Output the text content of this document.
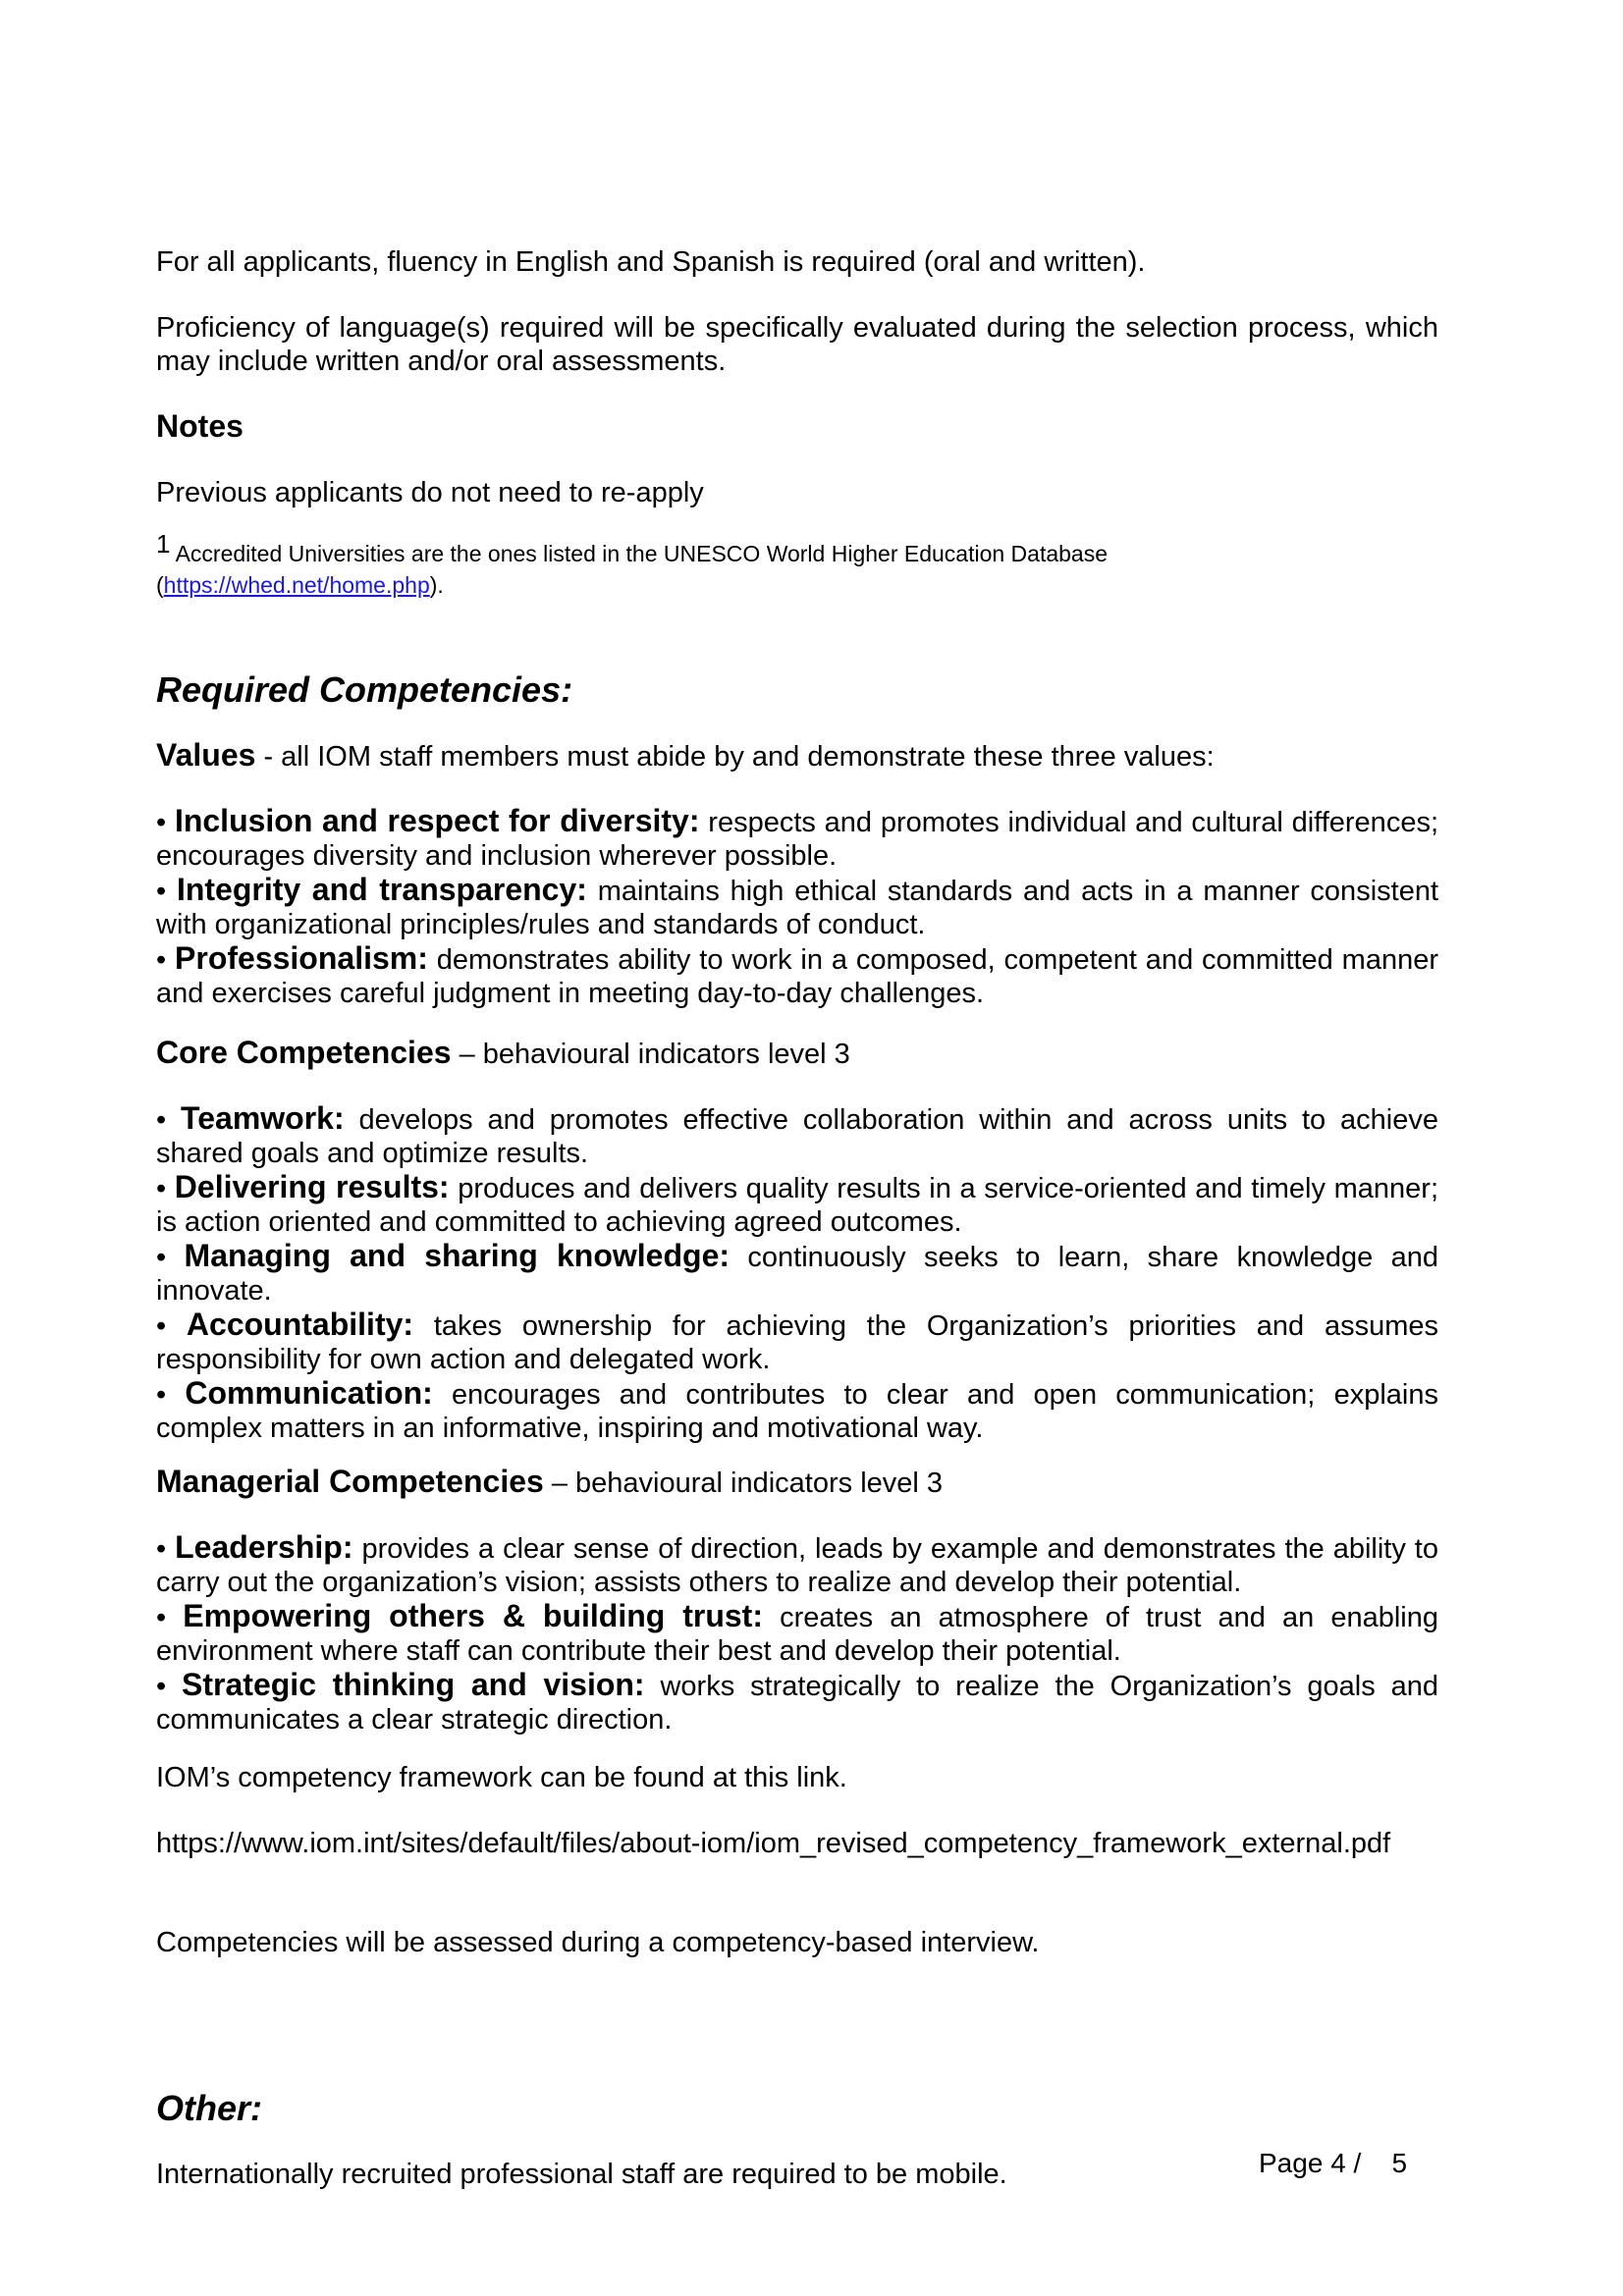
For all applicants, fluency in English and Spanish is required (oral and written).

Proficiency of language(s) required will be specifically evaluated during the selection process, which may include written and/or oral assessments.

Notes

Previous applicants do not need to re-apply

$^1$ Accredited Universities are the ones listed in the UNESCO World Higher Education Database
(https://whed.net/home.php).

Required Competencies:

Values - all IOM staff members must abide by and demonstrate these three values:

• Inclusion and respect for diversity: respects and promotes individual and cultural differences; encourages diversity and inclusion wherever possible.

• Integrity and transparency: maintains high ethical standards and acts in a manner consistent with organizational principles/rules and standards of conduct.

• Professionalism: demonstrates ability to work in a composed, competent and committed manner and exercises careful judgment in meeting day-to-day challenges.

Core Competencies – behavioural indicators level 3

• Teamwork: develops and promotes effective collaboration within and across units to achieve shared goals and optimize results.

• Delivering results: produces and delivers quality results in a service-oriented and timely manner; is action oriented and committed to achieving agreed outcomes.

• Managing and sharing knowledge: continuously seeks to learn, share knowledge and innovate.

• Accountability: takes ownership for achieving the Organization’s priorities and assumes responsibility for own action and delegated work.

• Communication: encourages and contributes to clear and open communication; explains complex matters in an informative, inspiring and motivational way.

Managerial Competencies – behavioural indicators level 3

• Leadership: provides a clear sense of direction, leads by example and demonstrates the ability to carry out the organization’s vision; assists others to realize and develop their potential.

• Empowering others & building trust: creates an atmosphere of trust and an enabling environment where staff can contribute their best and develop their potential.

• Strategic thinking and vision: works strategically to realize the Organization’s goals and communicates a clear strategic direction.

IOM’s competency framework can be found at this link.

https://www.iom.int/sites/default/files/about-iom/iom_revised_competency_framework_external.pdf

Competencies will be assessed during a competency-based interview.

Other:

Internationally recruited professional staff are required to be mobile.	Page 4 / 5
